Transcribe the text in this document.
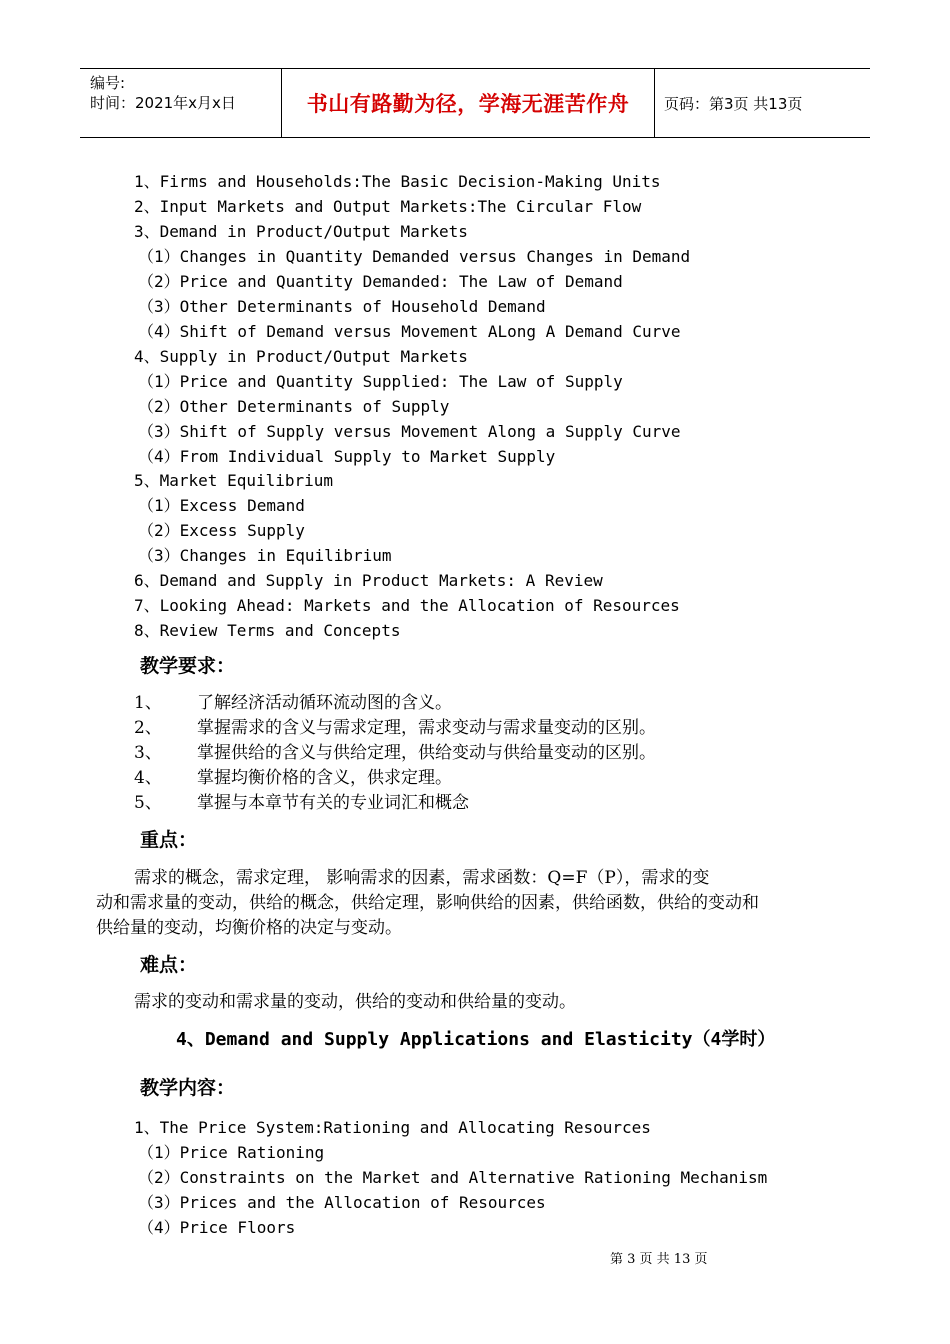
编号:
时间：2021年x月x日	书山有路勤为径，学海无涯苦作舟	页码：第3页 共13页
1、Firms and Households:The Basic Decision-Making Units
2、Input Markets and Output Markets:The Circular Flow
3、Demand in Product/Output Markets
（1）Changes in Quantity Demanded versus Changes in Demand
（2）Price and Quantity Demanded: The Law of Demand
（3）Other Determinants of Household Demand
（4）Shift of Demand versus Movement ALong A Demand Curve
4、Supply in Product/Output Markets
（1）Price and Quantity Supplied: The Law of Supply
（2）Other Determinants of Supply
（3）Shift of Supply versus Movement Along a Supply Curve
（4）From Individual Supply to Market Supply
5、Market Equilibrium
（1）Excess Demand
（2）Excess Supply
（3）Changes in Equilibrium
6、Demand and Supply in Product Markets: A Review
7、Looking Ahead: Markets and the Allocation of Resources
8、Review Terms and Concepts
教学要求：
1、 了解经济活动循环流动图的含义。
2、 掌握需求的含义与需求定理，需求变动与需求量变动的区别。
3、 掌握供给的含义与供给定理，供给变动与供给量变动的区别。
4、 掌握均衡价格的含义，供求定理。
5、 掌握与本章节有关的专业词汇和概念
重点：
需求的概念，需求定理， 影响需求的因素，需求函数：Q=F（P），需求的变
动和需求量的变动，供给的概念，供给定理，影响供给的因素，供给函数，供给的变动和
供给量的变动，均衡价格的决定与变动。
难点：
需求的变动和需求量的变动，供给的变动和供给量的变动。
4、Demand and Supply Applications and Elasticity（4学时）
教学内容：
1、The Price System:Rationing and Allocating Resources
（1）Price Rationing
（2）Constraints on the Market and Alternative Rationing Mechanism
（3）Prices and the Allocation of Resources
（4）Price Floors
第 3 页 共 13 页
